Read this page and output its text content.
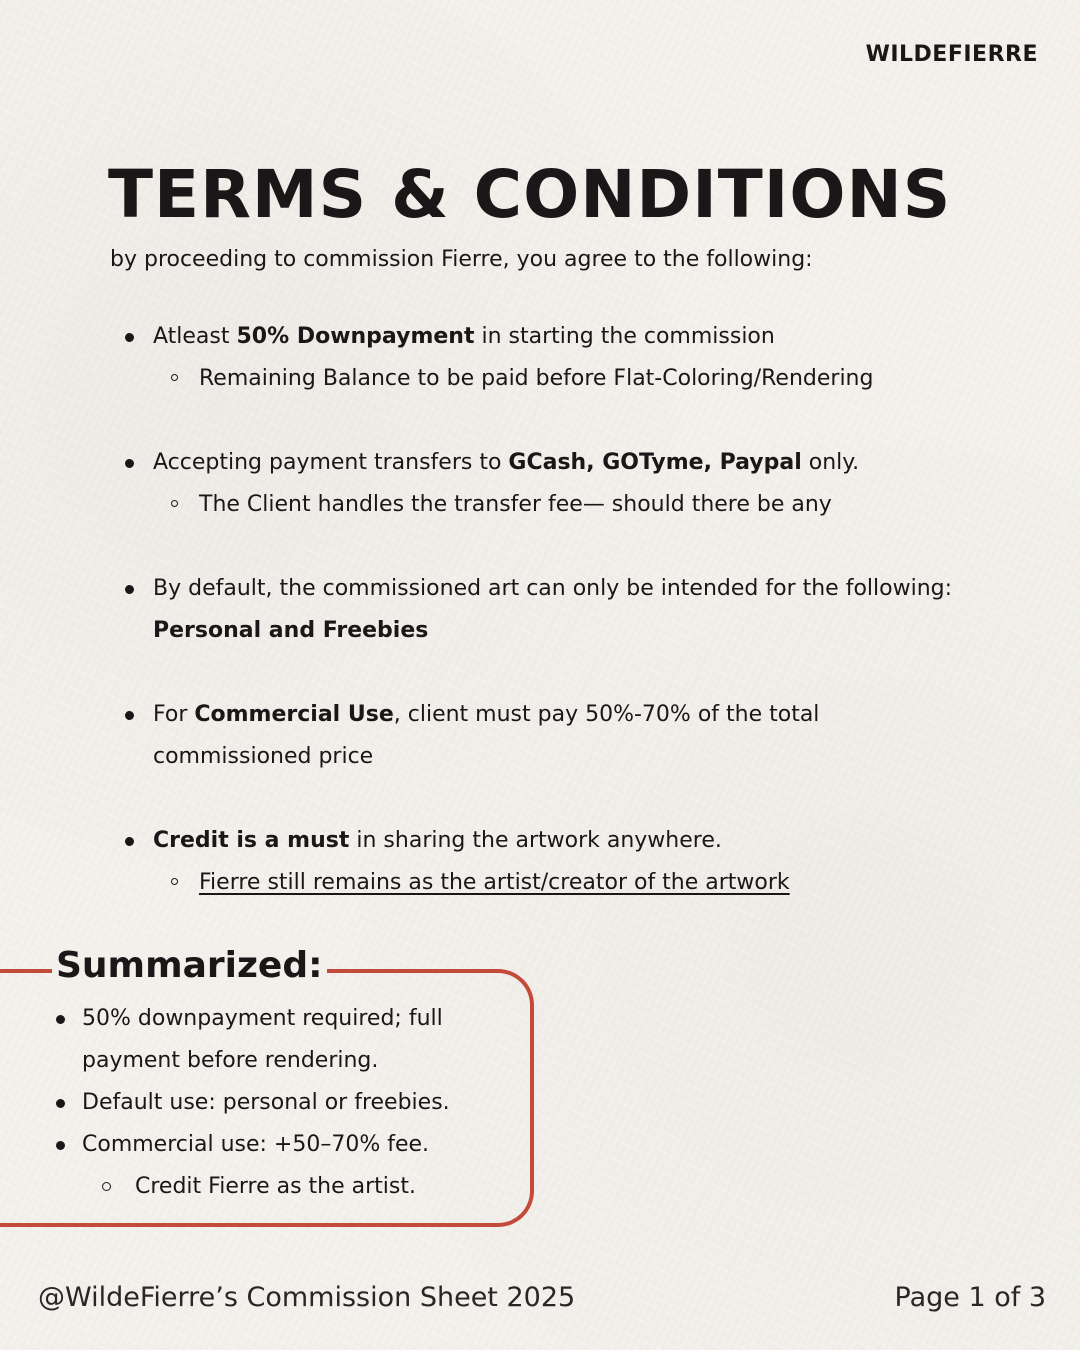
WILDEFIERRE
TERMS & CONDITIONS
by proceeding to commission Fierre, you agree to the following:
Atleast 50% Downpayment in starting the commission
Remaining Balance to be paid before Flat-Coloring/Rendering
Accepting payment transfers to GCash, GOTyme, Paypal only.
The Client handles the transfer fee— should there be any
By default, the commissioned art can only be intended for the following: Personal and Freebies
For Commercial Use, client must pay 50%-70% of the total commissioned price
Credit is a must in sharing the artwork anywhere.
Fierre still remains as the artist/creator of the artwork
Summarized:
50% downpayment required; full payment before rendering.
Default use: personal or freebies.
Commercial use: +50–70% fee.
Credit Fierre as the artist.
@WildeFierre’s Commission Sheet 2025	Page 1 of 3
